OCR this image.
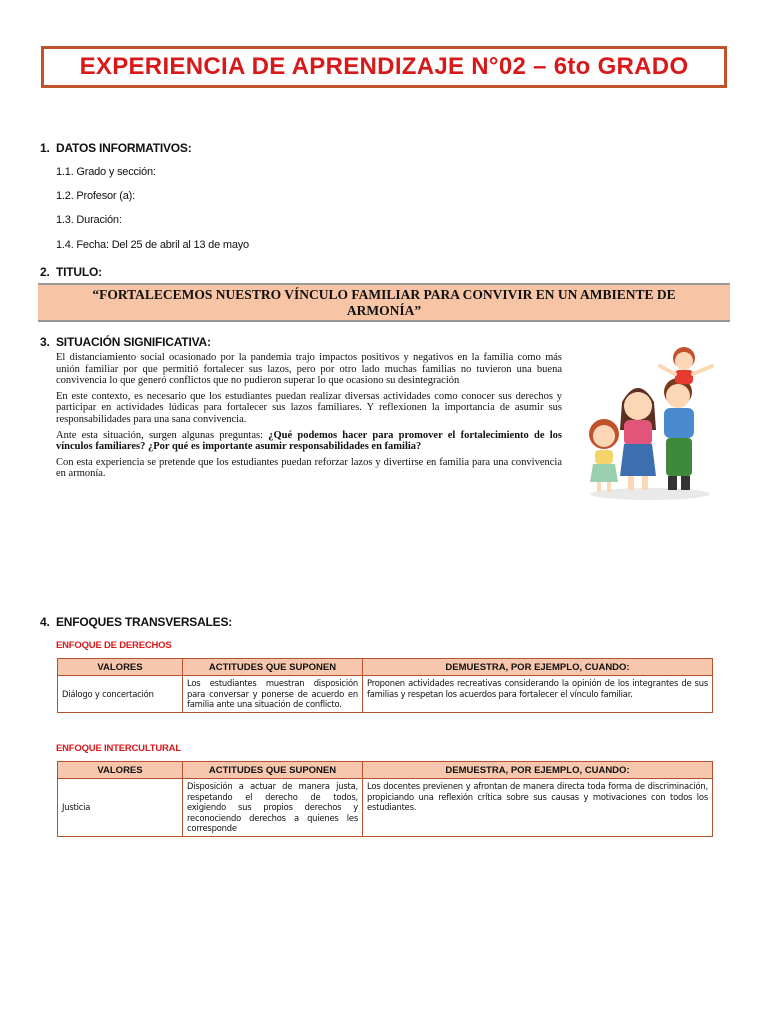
EXPERIENCIA DE APRENDIZAJE N°02 – 6to GRADO
1. DATOS INFORMATIVOS:
1.1. Grado y sección:
1.2. Profesor (a):
1.3. Duración:
1.4. Fecha: Del 25 de abril al 13 de mayo
2. TITULO:
“FORTALECEMOS NUESTRO VÍNCULO FAMILIAR PARA CONVIVIR EN UN AMBIENTE DE ARMONÍA”
3. SITUACIÓN SIGNIFICATIVA:

El distanciamiento social ocasionado por la pandemia trajo impactos positivos y negativos en la familia como más unión familiar por que permitió fortalecer sus lazos, pero por otro lado muchas familias no tuvieron una buena convivencia lo que generó conflictos que no pudieron superar lo que ocasiono su desintegración

En este contexto, es necesario que los estudiantes puedan realizar diversas actividades como conocer sus derechos y participar en actividades lúdicas para fortalecer sus lazos familiares. Y reflexionen la importancia de asumir sus responsabilidades para una sana convivencia.

Ante esta situación, surgen algunas preguntas: ¿Qué podemos hacer para promover el fortalecimiento de los vínculos familiares? ¿Por qué es importante asumir responsabilidades en familia?

Con esta experiencia se pretende que los estudiantes puedan reforzar lazos y divertirse en familia para una convivencia en armonía.

4. ENFOQUES TRANSVERSALES:
ENFOQUE DE DERECHOS
VALORES	ACTITUDES QUE SUPONEN	DEMUESTRA, POR EJEMPLO, CUANDO:
Diálogo y concertación	Los estudiantes muestran disposición para conversar y ponerse de acuerdo en familia ante una situación de conflicto.	Proponen actividades recreativas considerando la opinión de los integrantes de sus familias y respetan los acuerdos para fortalecer el vínculo familiar.
ENFOQUE INTERCULTURAL
VALORES	ACTITUDES QUE SUPONEN	DEMUESTRA, POR EJEMPLO, CUANDO:
Justicia	Disposición a actuar de manera justa, respetando el derecho de todos, exigiendo sus propios derechos y reconociendo derechos a quienes les corresponde	Los docentes previenen y afrontan de manera directa toda forma de discriminación, propiciando una reflexión crítica sobre sus causas y motivaciones con todos los estudiantes.
